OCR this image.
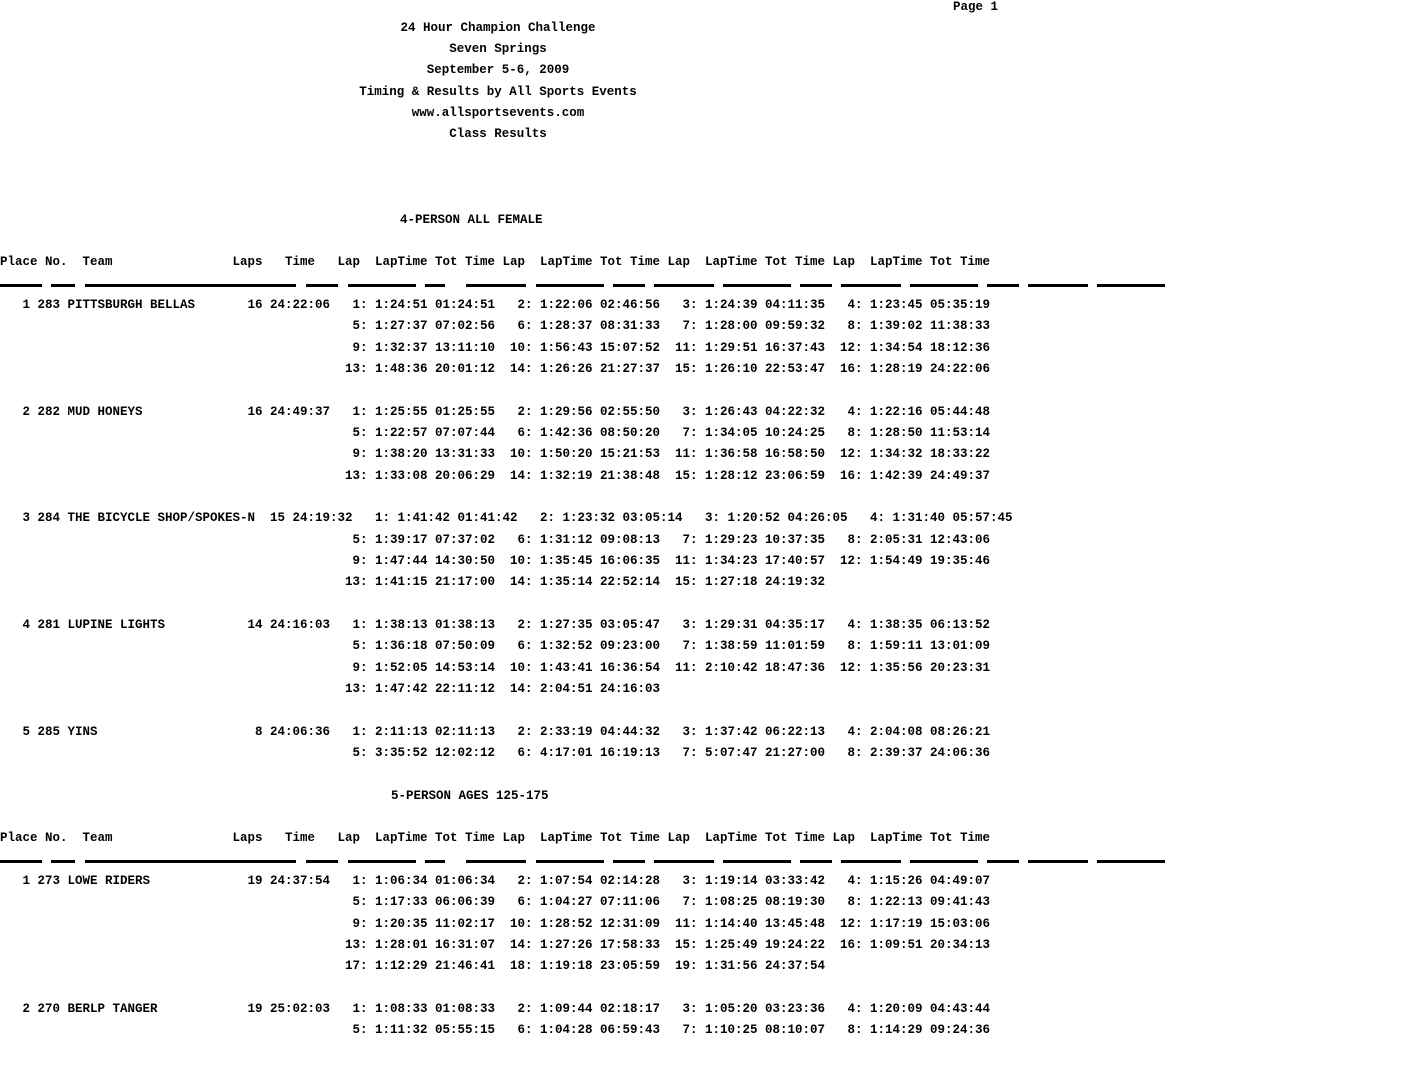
Page 1
24 Hour Champion Challenge
Seven Springs
September 5-6, 2009
Timing & Results by All Sports Events
www.allsportsevents.com
Class Results
4-PERSON ALL FEMALE
Place No.  Team                Laps   Time   Lap  LapTime Tot Time Lap  LapTime Tot Time Lap  LapTime Tot Time Lap  LapTime Tot Time
1 283 PITTSBURGH BELLAS       16 24:22:06   1: 1:24:51 01:24:51   2: 1:22:06 02:46:56   3: 1:24:39 04:11:35   4: 1:23:45 05:35:19
5: 1:27:37 07:02:56   6: 1:28:37 08:31:33   7: 1:28:00 09:59:32   8: 1:39:02 11:38:33
9: 1:32:37 13:11:10  10: 1:56:43 15:07:52  11: 1:29:51 16:37:43  12: 1:34:54 18:12:36
13: 1:48:36 20:01:12  14: 1:26:26 21:27:37  15: 1:26:10 22:53:47  16: 1:28:19 24:22:06
2 282 MUD HONEYS              16 24:49:37   1: 1:25:55 01:25:55   2: 1:29:56 02:55:50   3: 1:26:43 04:22:32   4: 1:22:16 05:44:48
5: 1:22:57 07:07:44   6: 1:42:36 08:50:20   7: 1:34:05 10:24:25   8: 1:28:50 11:53:14
9: 1:38:20 13:31:33  10: 1:50:20 15:21:53  11: 1:36:58 16:58:50  12: 1:34:32 18:33:22
13: 1:33:08 20:06:29  14: 1:32:19 21:38:48  15: 1:28:12 23:06:59  16: 1:42:39 24:49:37
3 284 THE BICYCLE SHOP/SPOKES-N  15 24:19:32   1: 1:41:42 01:41:42   2: 1:23:32 03:05:14   3: 1:20:52 04:26:05   4: 1:31:40 05:57:45
5: 1:39:17 07:37:02   6: 1:31:12 09:08:13   7: 1:29:23 10:37:35   8: 2:05:31 12:43:06
9: 1:47:44 14:30:50  10: 1:35:45 16:06:35  11: 1:34:23 17:40:57  12: 1:54:49 19:35:46
13: 1:41:15 21:17:00  14: 1:35:14 22:52:14  15: 1:27:18 24:19:32
4 281 LUPINE LIGHTS           14 24:16:03   1: 1:38:13 01:38:13   2: 1:27:35 03:05:47   3: 1:29:31 04:35:17   4: 1:38:35 06:13:52
5: 1:36:18 07:50:09   6: 1:32:52 09:23:00   7: 1:38:59 11:01:59   8: 1:59:11 13:01:09
9: 1:52:05 14:53:14  10: 1:43:41 16:36:54  11: 2:10:42 18:47:36  12: 1:35:56 20:23:31
13: 1:47:42 22:11:12  14: 2:04:51 24:16:03
5 285 YINS                     8 24:06:36   1: 2:11:13 02:11:13   2: 2:33:19 04:44:32   3: 1:37:42 06:22:13   4: 2:04:08 08:26:21
5: 3:35:52 12:02:12   6: 4:17:01 16:19:13   7: 5:07:47 21:27:00   8: 2:39:37 24:06:36
5-PERSON AGES 125-175
Place No.  Team                Laps   Time   Lap  LapTime Tot Time Lap  LapTime Tot Time Lap  LapTime Tot Time Lap  LapTime Tot Time
1 273 LOWE RIDERS             19 24:37:54   1: 1:06:34 01:06:34   2: 1:07:54 02:14:28   3: 1:19:14 03:33:42   4: 1:15:26 04:49:07
5: 1:17:33 06:06:39   6: 1:04:27 07:11:06   7: 1:08:25 08:19:30   8: 1:22:13 09:41:43
9: 1:20:35 11:02:17  10: 1:28:52 12:31:09  11: 1:14:40 13:45:48  12: 1:17:19 15:03:06
13: 1:28:01 16:31:07  14: 1:27:26 17:58:33  15: 1:25:49 19:24:22  16: 1:09:51 20:34:13
17: 1:12:29 21:46:41  18: 1:19:18 23:05:59  19: 1:31:56 24:37:54
2 270 BERLP TANGER            19 25:02:03   1: 1:08:33 01:08:33   2: 1:09:44 02:18:17   3: 1:05:20 03:23:36   4: 1:20:09 04:43:44
5: 1:11:32 05:55:15   6: 1:04:28 06:59:43   7: 1:10:25 08:10:07   8: 1:14:29 09:24:36
